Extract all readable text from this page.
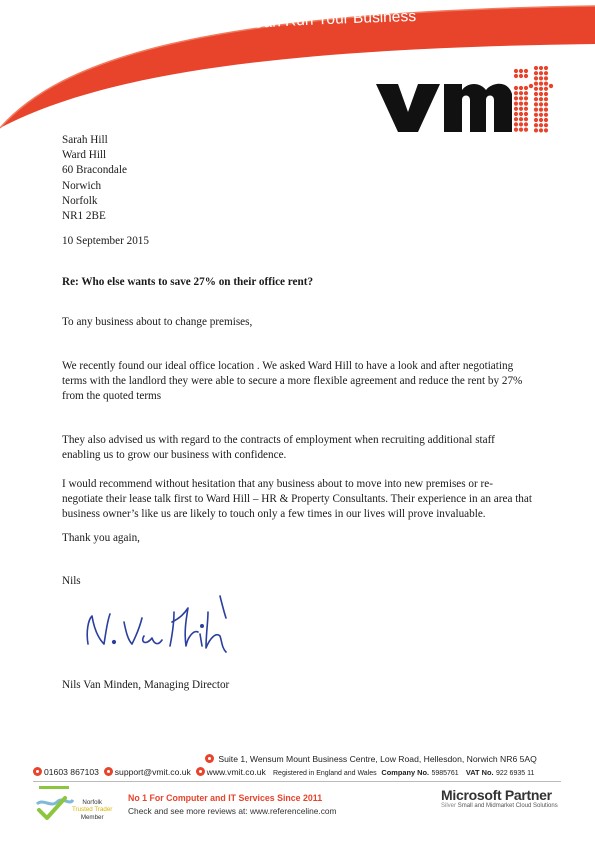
We Run Your Computers So You Can Run Your Business
Sarah Hill
Ward Hill
60 Bracondale
Norwich
Norfolk
NR1 2BE
10 September 2015
Re: Who else wants to save 27% on their office rent?
To any business about to change premises,
We recently found our ideal office location . We asked Ward Hill to have a look and after negotiating terms with the landlord they were able to secure a more flexible agreement and reduce the rent by 27% from the quoted terms
They also advised us with regard to the contracts of employment when recruiting additional staff enabling us to grow our business with confidence.
I would recommend without hesitation that any business about to move into new premises or re-negotiate their lease talk first to Ward Hill – HR & Property Consultants. Their experience in an area that business owner’s like us are likely to touch only a few times in our lives will prove invaluable.
Thank you again,
Nils
Nils Van Minden, Managing Director
Suite 1, Wensum Mount Business Centre, Low Road, Hellesdon, Norwich NR6 5AQ
01603 867103 support@vmit.co.uk www.vmit.co.uk Registered in England and Wales Company No. 5985761 VAT No. 922 6935 11
Norfolk
Trusted Trader
Member
No 1 For Computer and IT Services Since 2011
Check and see more reviews at: www.referenceline.com
Microsoft Partner
Silver Small and Midmarket Cloud Solutions
